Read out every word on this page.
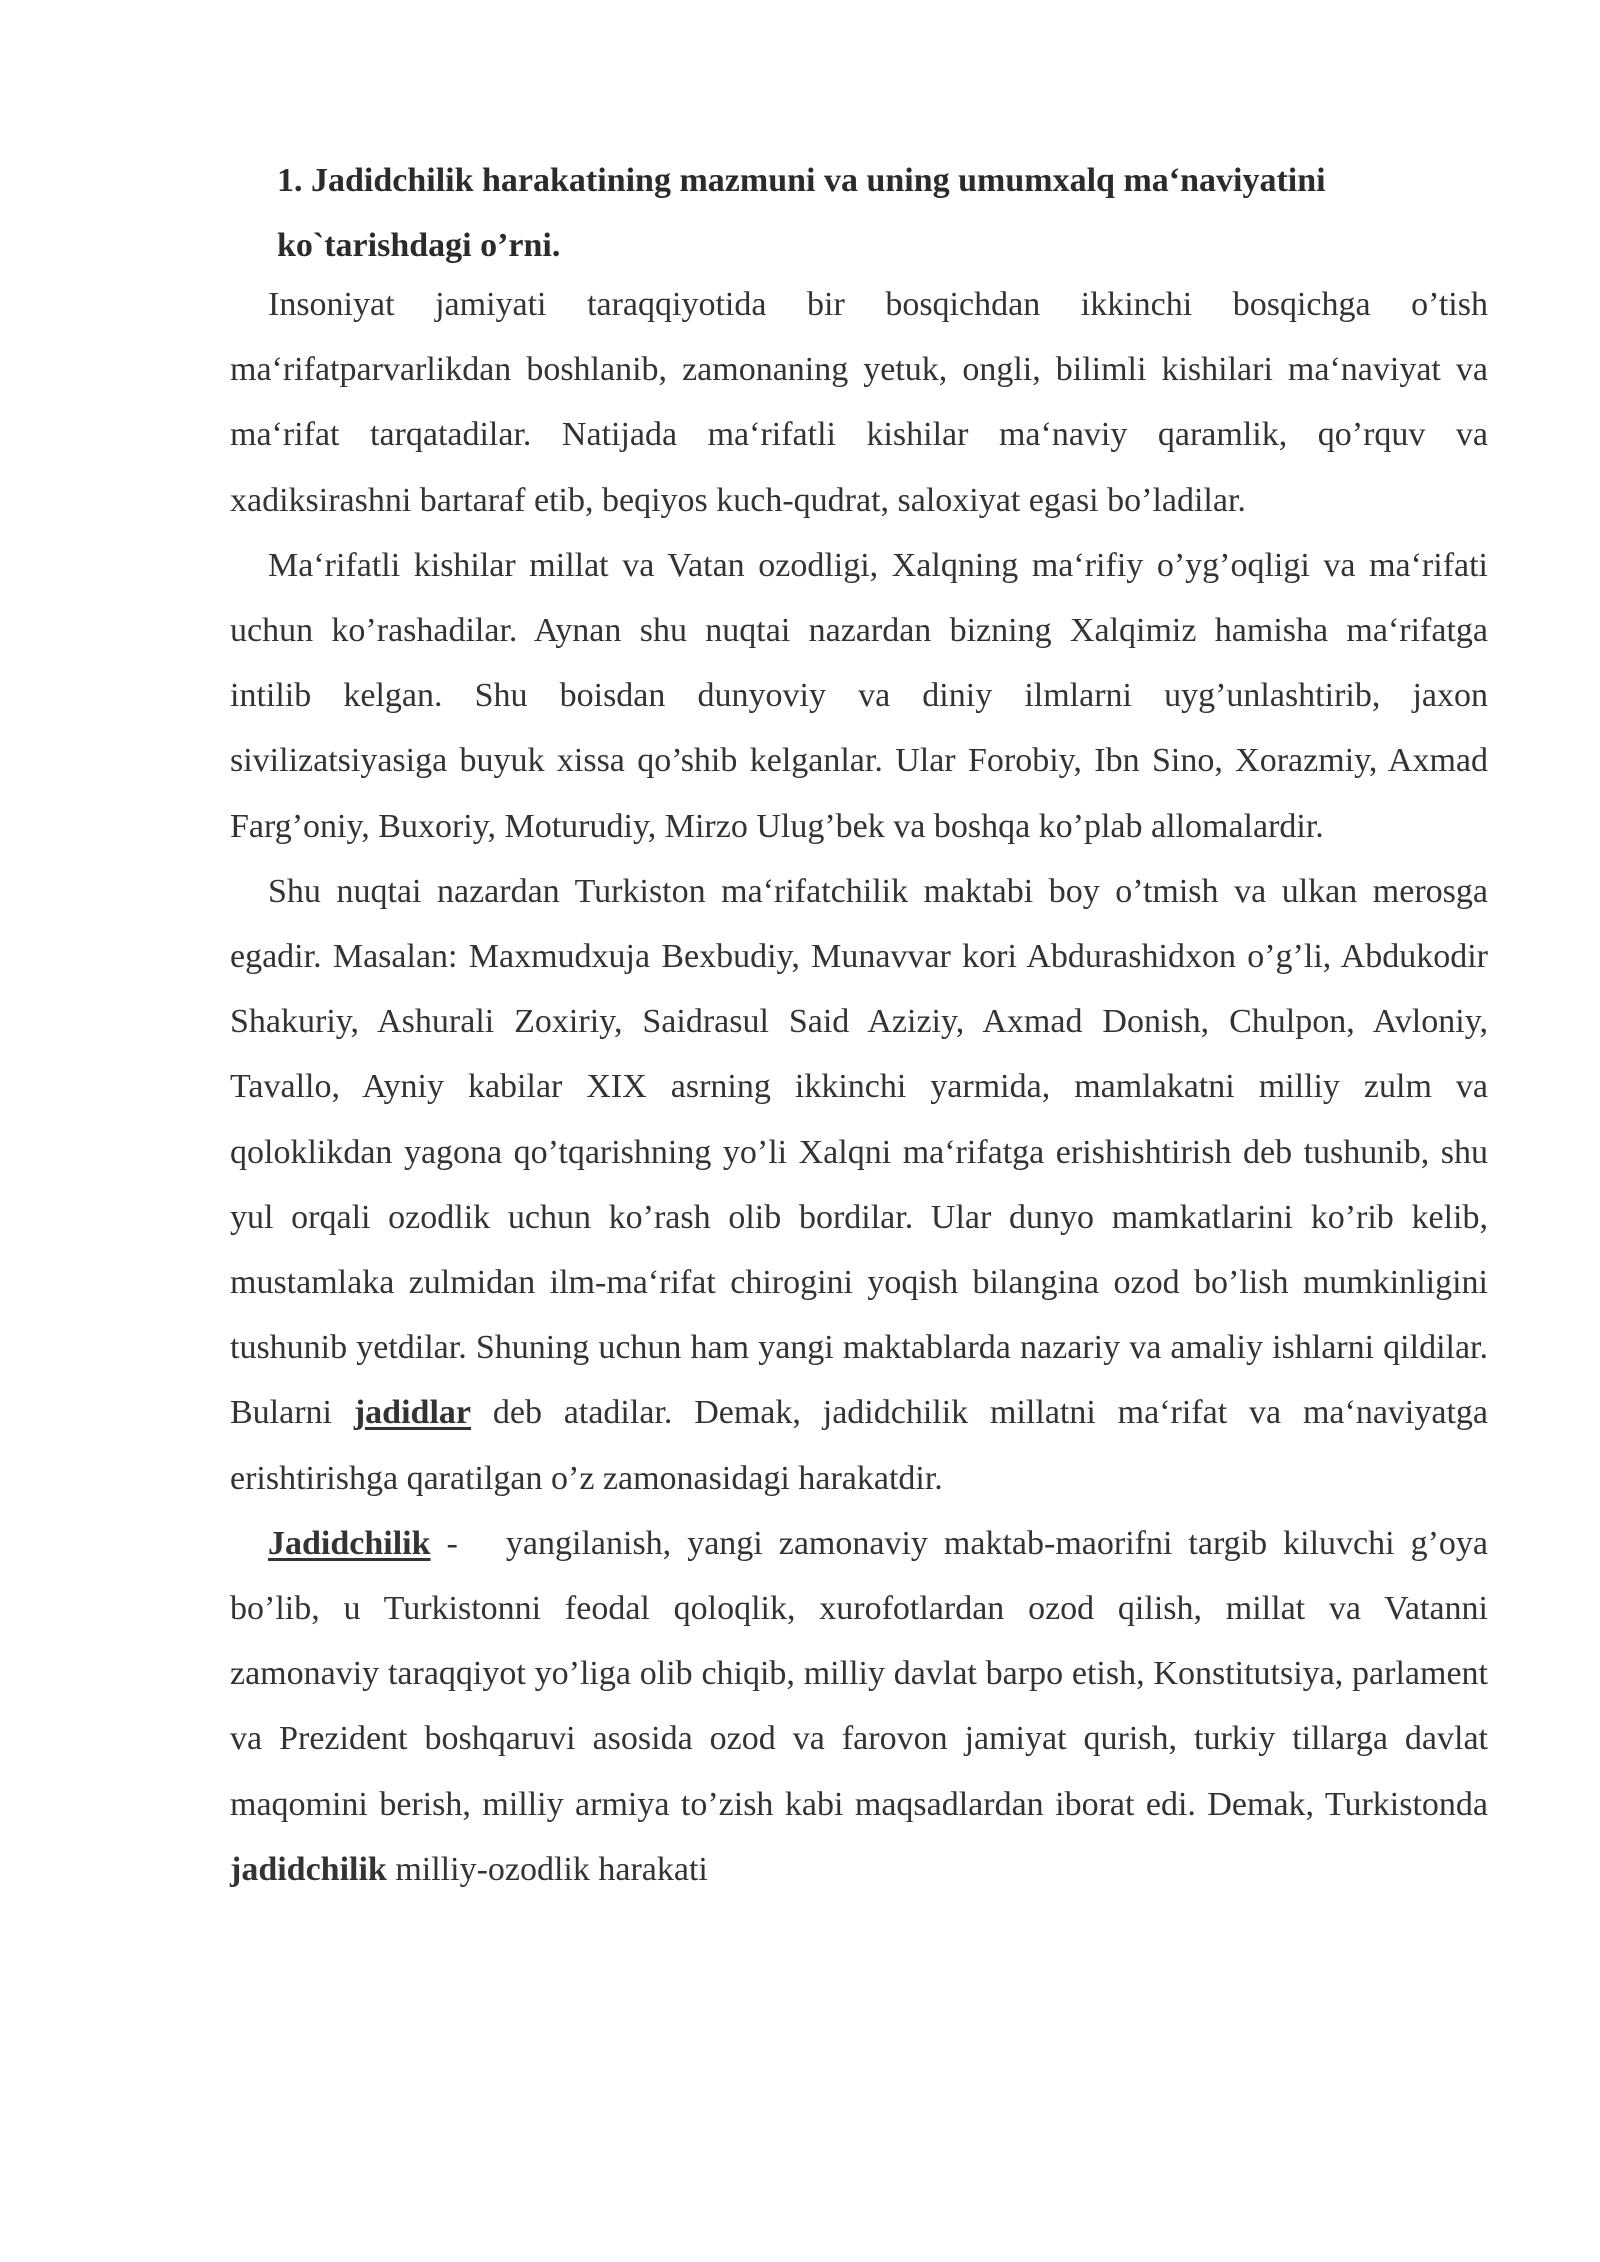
1. Jadidchilik harakatining mazmuni va uning umumxalq ma‘naviyatini
ko`tarishdagi o’rni.

Insoniyat jamiyati taraqqiyotida bir bosqichdan ikkinchi bosqichga o’tish ma‘rifatparvarlikdan boshlanib, zamonaning yetuk, ongli, bilimli kishilari ma‘naviyat va ma‘rifat tarqatadilar. Natijada ma‘rifatli kishilar ma‘naviy qaramlik, qo’rquv va xadiksirashni bartaraf etib, beqiyos kuch-qudrat, saloxiyat egasi bo’ladilar.

Ma‘rifatli kishilar millat va Vatan ozodligi, Xalqning ma‘rifiy o’yg’oqligi va ma‘rifati uchun ko’rashadilar. Aynan shu nuqtai nazardan bizning Xalqimiz hamisha ma‘rifatga intilib kelgan. Shu boisdan dunyoviy va diniy ilmlarni uyg’unlashtirib, jaxon sivilizatsiyasiga buyuk xissa qo’shib kelganlar. Ular Forobiy, Ibn Sino, Xorazmiy, Axmad Farg’oniy, Buxoriy, Moturudiy, Mirzo Ulug’bek va boshqa ko’plab allomalardir.

Shu nuqtai nazardan Turkiston ma‘rifatchilik maktabi boy o’tmish va ulkan merosga egadir. Masalan: Maxmudxuja Bexbudiy, Munavvar kori Abdurashidxon o’g’li, Abdukodir Shakuriy, Ashurali Zoxiriy, Saidrasul Said Aziziy, Axmad Donish, Chulpon, Avloniy, Tavallo, Ayniy kabilar XIX asrning ikkinchi yarmida, mamlakatni milliy zulm va qoloklikdan yagona qo’tqarishning yo’li Xalqni ma‘rifatga erishishtirish deb tushunib, shu yul orqali ozodlik uchun ko’rash olib bordilar. Ular dunyo mamkatlarini ko’rib kelib, mustamlaka zulmidan ilm-ma‘rifat chirogini yoqish bilangina ozod bo’lish mumkinligini tushunib yetdilar. Shuning uchun ham yangi maktablarda nazariy va amaliy ishlarni qildilar. Bularni jadidlar deb atadilar. Demak, jadidchilik millatni ma‘rifat va ma‘naviyatga erishtirishga qaratilgan o’z zamonasidagi harakatdir.

Jadidchilik -   yangilanish, yangi zamonaviy maktab-maorifni targib kiluvchi g’oya bo’lib, u Turkistonni feodal qoloqlik, xurofotlardan ozod qilish, millat va Vatanni zamonaviy taraqqiyot yo’liga olib chiqib, milliy davlat barpo etish, Konstitutsiya, parlament va Prezident boshqaruvi asosida ozod va farovon jamiyat qurish, turkiy tillarga davlat maqomini berish, milliy armiya to’zish kabi maqsadlardan iborat edi. Demak, Turkistonda jadidchilik milliy-ozodlik harakati
